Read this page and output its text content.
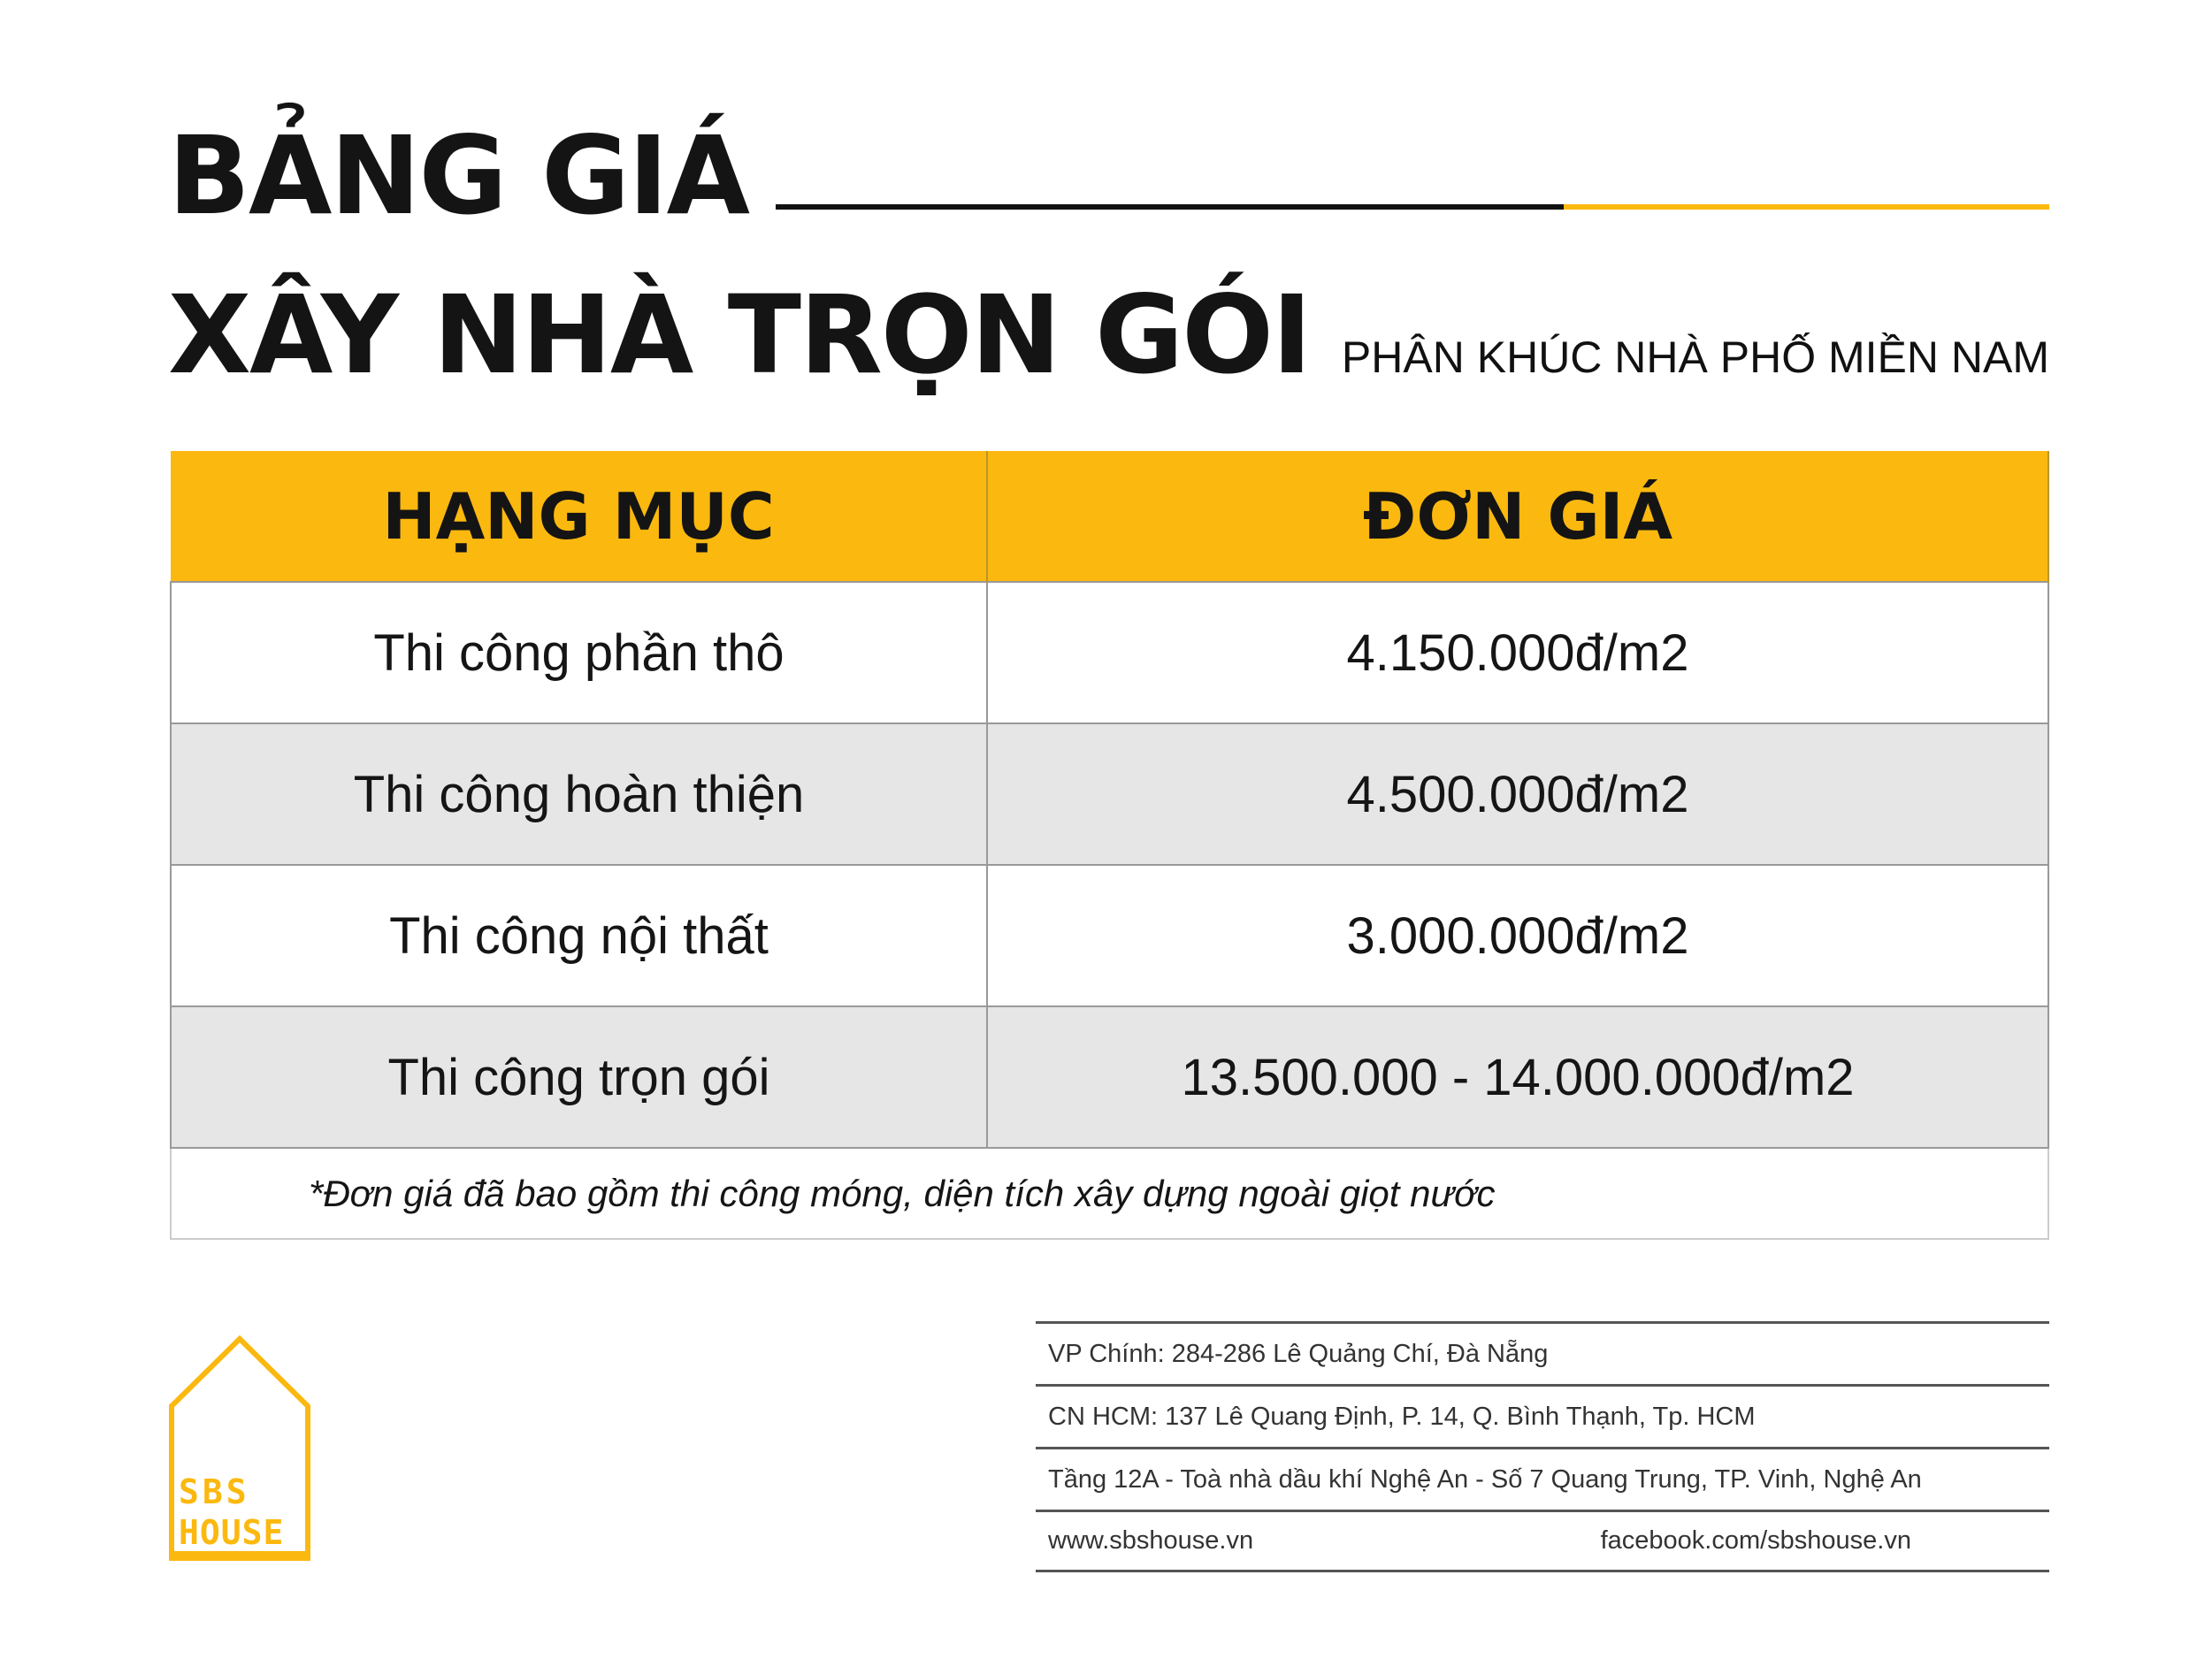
BẢNG GIÁ
XÂY NHÀ TRỌN GÓI PHÂN KHÚC NHÀ PHỐ MIỀN NAM
HẠNG MỤC	ĐƠN GIÁ
Thi công phần thô	4.150.000đ/m2
Thi công hoàn thiện	4.500.000đ/m2
Thi công nội thất	3.000.000đ/m2
Thi công trọn gói	13.500.000 - 14.000.000đ/m2
*Đơn giá đã bao gồm thi công móng, diện tích xây dựng ngoài giọt nước	
SBS
HOUSE
VP Chính: 284-286 Lê Quảng Chí, Đà Nẵng
CN HCM: 137 Lê Quang Định, P. 14, Q. Bình Thạnh, Tp. HCM
Tầng 12A - Toà nhà dầu khí Nghệ An - Số 7 Quang Trung, TP. Vinh, Nghệ An
www.sbshouse.vn	facebook.com/sbshouse.vn
